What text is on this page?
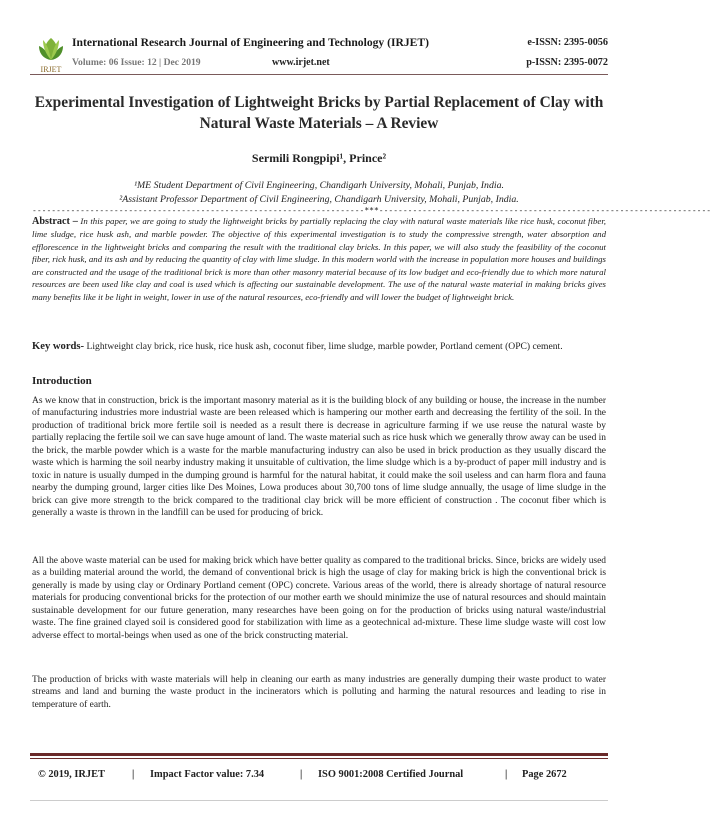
IRJET
International Research Journal of Engineering and Technology (IRJET)	e-ISSN: 2395-0056
Volume: 06 Issue: 12 | Dec 2019	www.irjet.net	p-ISSN: 2395-0072
Experimental Investigation of Lightweight Bricks by Partial Replacement of Clay with Natural Waste Materials – A Review
Sermili Rongpipi¹, Prince²
¹ME Student Department of Civil Engineering, Chandigarh University, Mohali, Punjab, India.
²Assistant Professor Department of Civil Engineering, Chandigarh University, Mohali, Punjab, India.
---------------------------------------------------------------------***---------------------------------------------------------------------
Abstract – In this paper, we are going to study the lightweight bricks by partially replacing the clay with natural waste materials like rice husk, coconut fiber, lime sludge, rice husk ash, and marble powder. The objective of this experimental investigation is to study the compressive strength, water absorption and efflorescence in the lightweight bricks and comparing the result with the traditional clay bricks. In this paper, we will also study the feasibility of the coconut fiber, rick husk, and its ash and by reducing the quantity of clay with lime sludge. In this modern world with the increase in population more houses and buildings are constructed and the usage of the traditional brick is more than other masonry material because of its low budget and eco-friendly due to which more natural resources are been used like clay and coal is used which is affecting our sustainable development. The use of the natural waste material in making bricks gives many benefits like it be light in weight, lower in use of the natural resources, eco-friendly and will lower the budget of lightweight brick.
Key words- Lightweight clay brick, rice husk, rice husk ash, coconut fiber, lime sludge, marble powder, Portland cement (OPC) cement.
Introduction
As we know that in construction, brick is the important masonry material as it is the building block of any building or house, the increase in the number of manufacturing industries more industrial waste are been released which is hampering our mother earth and decreasing the fertility of the soil. In the production of traditional brick more fertile soil is needed as a result there is decrease in agriculture farming if we use reuse the natural waste by partially replacing the fertile soil we can save huge amount of land. The waste material such as rice husk which we generally throw away can be used in the brick, the marble powder which is a waste for the marble manufacturing industry can also be used in brick production as they usually discard the waste which is harming the soil nearby industry making it unsuitable of cultivation, the lime sludge which is a by-product of paper mill industry and is toxic in nature is usually dumped in the dumping ground is harmful for the natural habitat, it could make the soil useless and can harm flora and fauna nearby the dumping ground, larger cities like Des Moines, Lowa produces about 30,700 tons of lime sludge annually, the usage of lime sludge in the brick can give more strength to the brick compared to the traditional clay brick will be more efficient of construction . The coconut fiber which is generally a waste is thrown in the landfill can be used for producing of brick.
All the above waste material can be used for making brick which have better quality as compared to the traditional bricks. Since, bricks are widely used as a building material around the world, the demand of conventional brick is high the usage of clay for making brick is high the conventional brick is generally is made by using clay or Ordinary Portland cement (OPC) concrete. Various areas of the world, there is already shortage of natural resource materials for producing conventional bricks for the protection of our mother earth we should minimize the use of natural resources and should maintain sustainable development for our future generation, many researches have been going on for the production of bricks using natural waste/industrial waste. The fine grained clayed soil is considered good for stabilization with lime as a geotechnical ad-mixture. These lime sludge waste will cost low adverse effect to mortal-beings when used as one of the brick constructing material.
The production of bricks with waste materials will help in cleaning our earth as many industries are generally dumping their waste product to water streams and land and burning the waste product in the incinerators which is polluting and harming the natural resources and leading to rise in temperature of earth.
© 2019, IRJET	| Impact Factor value: 7.34	| ISO 9001:2008 Certified Journal	| Page 2672
